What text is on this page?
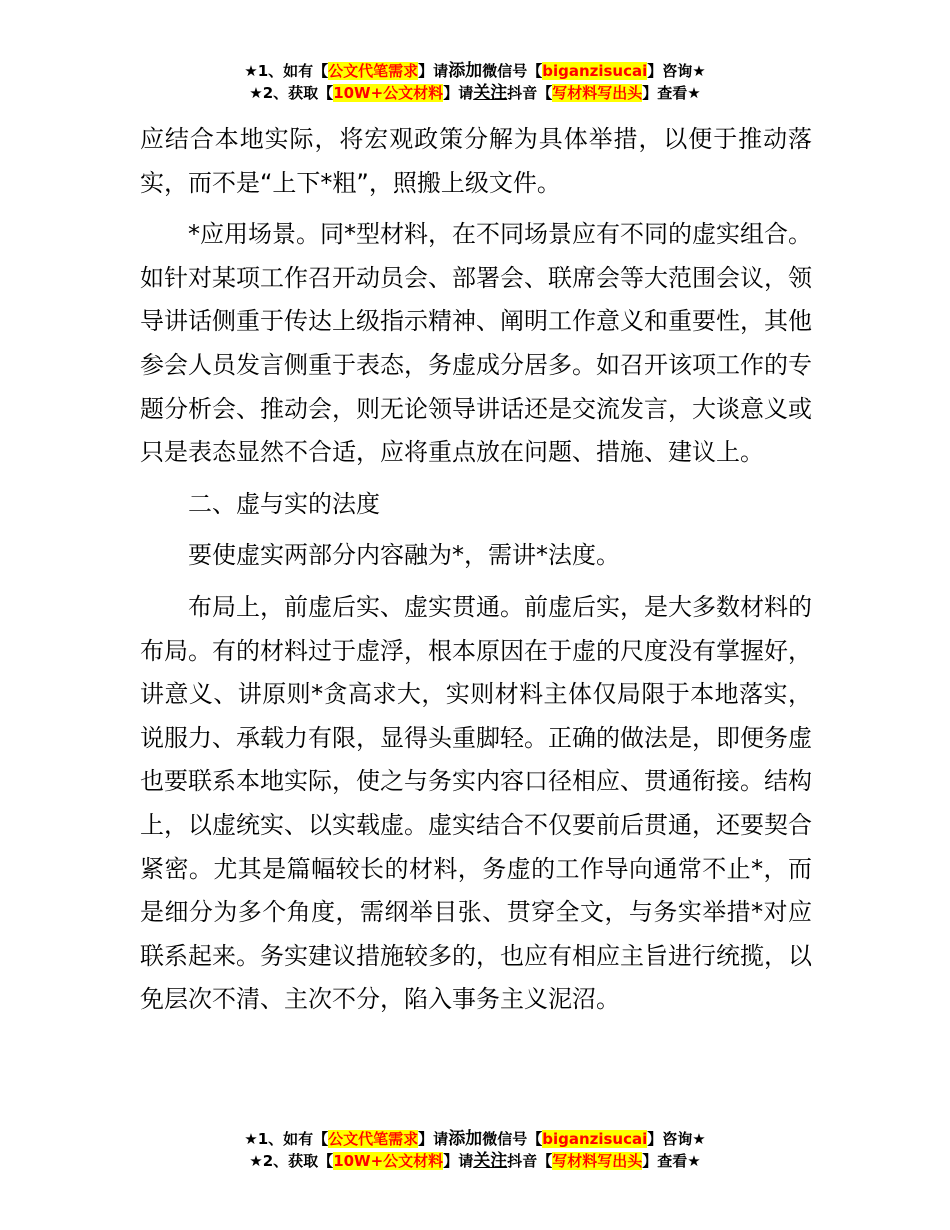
★1、如有【公文代笔需求】请添加微信号【biganzisucai】咨询★
★2、获取【10W+公文材料】请关注抖音【写材料写出头】查看★

应结合本地实际，将宏观政策分解为具体举措，以便于推动落实，而不是“上下*粗”，照搬上级文件。

*应用场景。同*型材料，在不同场景应有不同的虚实组合。如针对某项工作召开动员会、部署会、联席会等大范围会议，领导讲话侧重于传达上级指示精神、阐明工作意义和重要性，其他参会人员发言侧重于表态，务虚成分居多。如召开该项工作的专题分析会、推动会，则无论领导讲话还是交流发言，大谈意义或只是表态显然不合适，应将重点放在问题、措施、建议上。

二、虚与实的法度

要使虚实两部分内容融为*，需讲*法度。

布局上，前虚后实、虚实贯通。前虚后实，是大多数材料的布局。有的材料过于虚浮，根本原因在于虚的尺度没有掌握好，讲意义、讲原则*贪高求大，实则材料主体仅局限于本地落实，说服力、承载力有限，显得头重脚轻。正确的做法是，即便务虚也要联系本地实际，使之与务实内容口径相应、贯通衔接。结构上，以虚统实、以实载虚。虚实结合不仅要前后贯通，还要契合紧密。尤其是篇幅较长的材料，务虚的工作导向通常不止*，而是细分为多个角度，需纲举目张、贯穿全文，与务实举措*对应联系起来。务实建议措施较多的，也应有相应主旨进行统揽，以免层次不清、主次不分，陷入事务主义泥沼。

★1、如有【公文代笔需求】请添加微信号【biganzisucai】咨询★
★2、获取【10W+公文材料】请关注抖音【写材料写出头】查看★
